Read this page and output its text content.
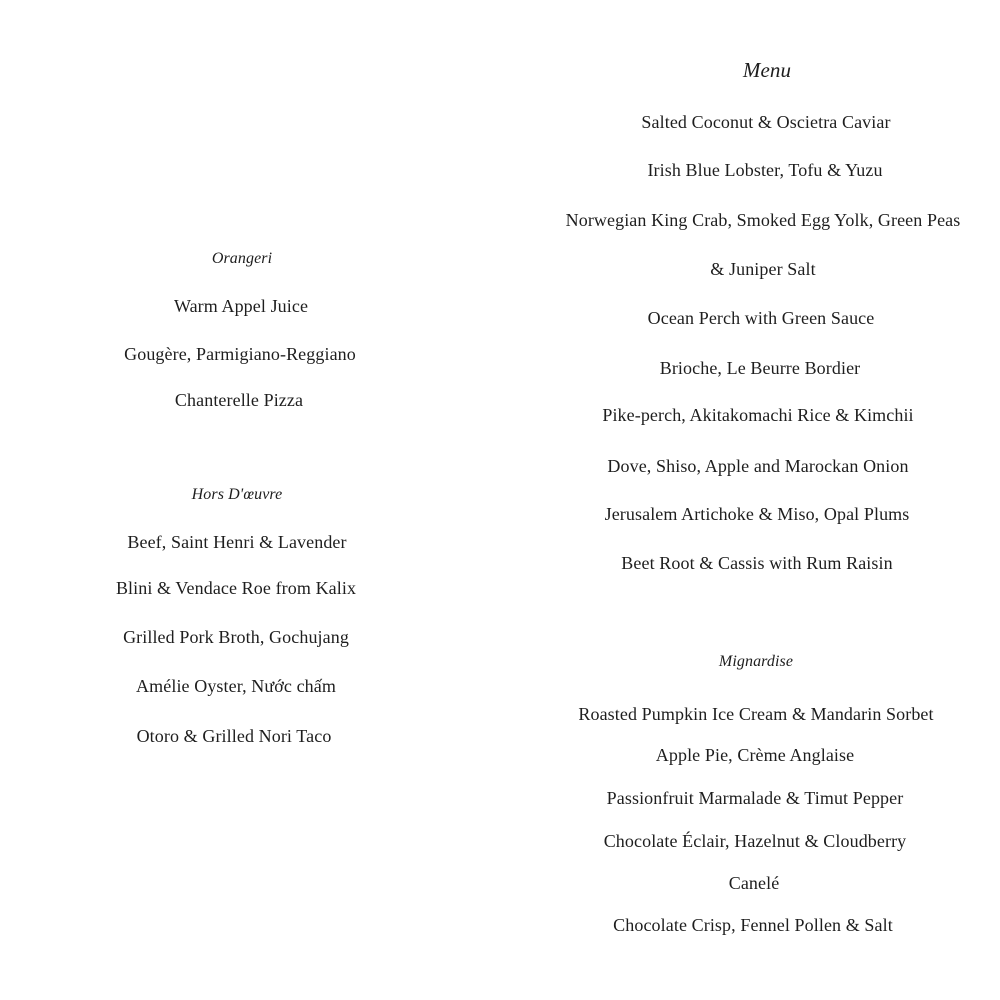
Orangeri
Warm Appel Juice
Gougère, Parmigiano-Reggiano
Chanterelle Pizza
Hors D'œuvre
Beef, Saint Henri & Lavender
Blini & Vendace Roe from Kalix
Grilled Pork Broth, Gochujang
Amélie Oyster, Nước chấm
Otoro & Grilled Nori Taco
Menu
Salted Coconut & Oscietra Caviar
Irish Blue Lobster, Tofu & Yuzu
Norwegian King Crab, Smoked Egg Yolk, Green Peas
& Juniper Salt
Ocean Perch with Green Sauce
Brioche, Le Beurre Bordier
Pike-perch, Akitakomachi Rice & Kimchii
Dove, Shiso, Apple and Marockan Onion
Jerusalem Artichoke & Miso, Opal Plums
Beet Root & Cassis with Rum Raisin
Mignardise
Roasted Pumpkin Ice Cream & Mandarin Sorbet
Apple Pie, Crème Anglaise
Passionfruit Marmalade & Timut Pepper
Chocolate Éclair, Hazelnut & Cloudberry
Canelé
Chocolate Crisp, Fennel Pollen & Salt
